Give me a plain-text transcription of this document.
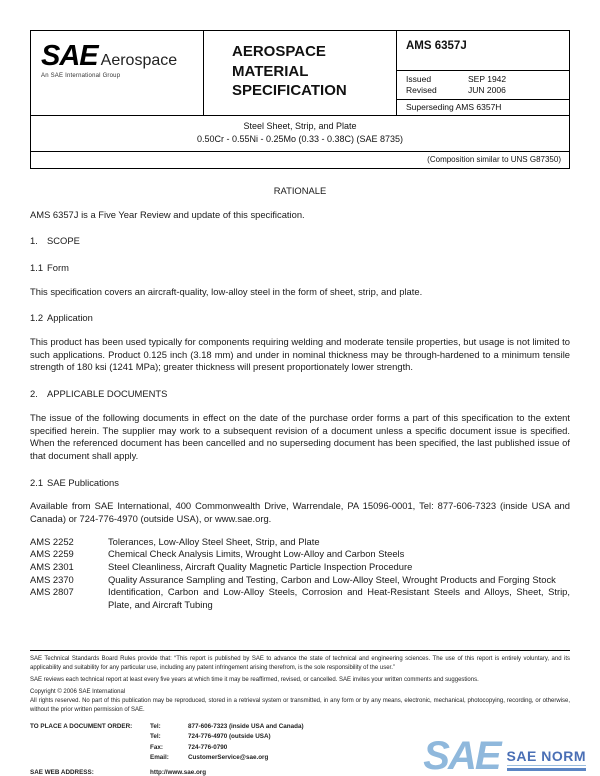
SAE Aerospace
An SAE International Group
AEROSPACE MATERIAL SPECIFICATION
AMS 6357J
Issued	SEP 1942
Revised	JUN 2006
Superseding AMS 6357H
Steel Sheet, Strip, and Plate
0.50Cr - 0.55Ni - 0.25Mo (0.33 - 0.38C) (SAE 8735)
(Composition similar to UNS G87350)
RATIONALE
AMS 6357J is a Five Year Review and update of this specification.
1. SCOPE
1.1 Form
This specification covers an aircraft-quality, low-alloy steel in the form of sheet, strip, and plate.
1.2 Application
This product has been used typically for components requiring welding and moderate tensile properties, but usage is not limited to such applications. Product 0.125 inch (3.18 mm) and under in nominal thickness may be through-hardened to a minimum tensile strength of 180 ksi (1241 MPa); greater thickness will present proportionately lower strength.
2. APPLICABLE DOCUMENTS
The issue of the following documents in effect on the date of the purchase order forms a part of this specification to the extent specified herein. The supplier may work to a subsequent revision of a document unless a specific document issue is specified. When the referenced document has been cancelled and no superseding document has been specified, the last published issue of that document shall apply.
2.1 SAE Publications
Available from SAE International, 400 Commonwealth Drive, Warrendale, PA 15096-0001, Tel: 877-606-7323 (inside USA and Canada) or 724-776-4970 (outside USA), or www.sae.org.
AMS 2252	Tolerances, Low-Alloy Steel Sheet, Strip, and Plate
AMS 2259	Chemical Check Analysis Limits, Wrought Low-Alloy and Carbon Steels
AMS 2301	Steel Cleanliness, Aircraft Quality Magnetic Particle Inspection Procedure
AMS 2370	Quality Assurance Sampling and Testing, Carbon and Low-Alloy Steel, Wrought Products and Forging Stock
AMS 2807	Identification, Carbon and Low-Alloy Steels, Corrosion and Heat-Resistant Steels and Alloys, Sheet, Strip, Plate, and Aircraft Tubing
SAE Technical Standards Board Rules provide that: “This report is published by SAE to advance the state of technical and engineering sciences. The use of this report is entirely voluntary, and its applicability and suitability for any particular use, including any patent infringement arising therefrom, is the sole responsibility of the user.”
SAE reviews each technical report at least every five years at which time it may be reaffirmed, revised, or cancelled. SAE invites your written comments and suggestions.
Copyright © 2006 SAE International
All rights reserved. No part of this publication may be reproduced, stored in a retrieval system or transmitted, in any form or by any means, electronic, mechanical, photocopying, recording, or otherwise, without the prior written permission of SAE.
TO PLACE A DOCUMENT ORDER:	Tel:	877-606-7323 (inside USA and Canada)
Tel:	724-776-4970 (outside USA)
Fax:	724-776-0790
Email:	CustomerService@sae.org
SAE WEB ADDRESS:	http://www.sae.org	SAE SAE NORM
